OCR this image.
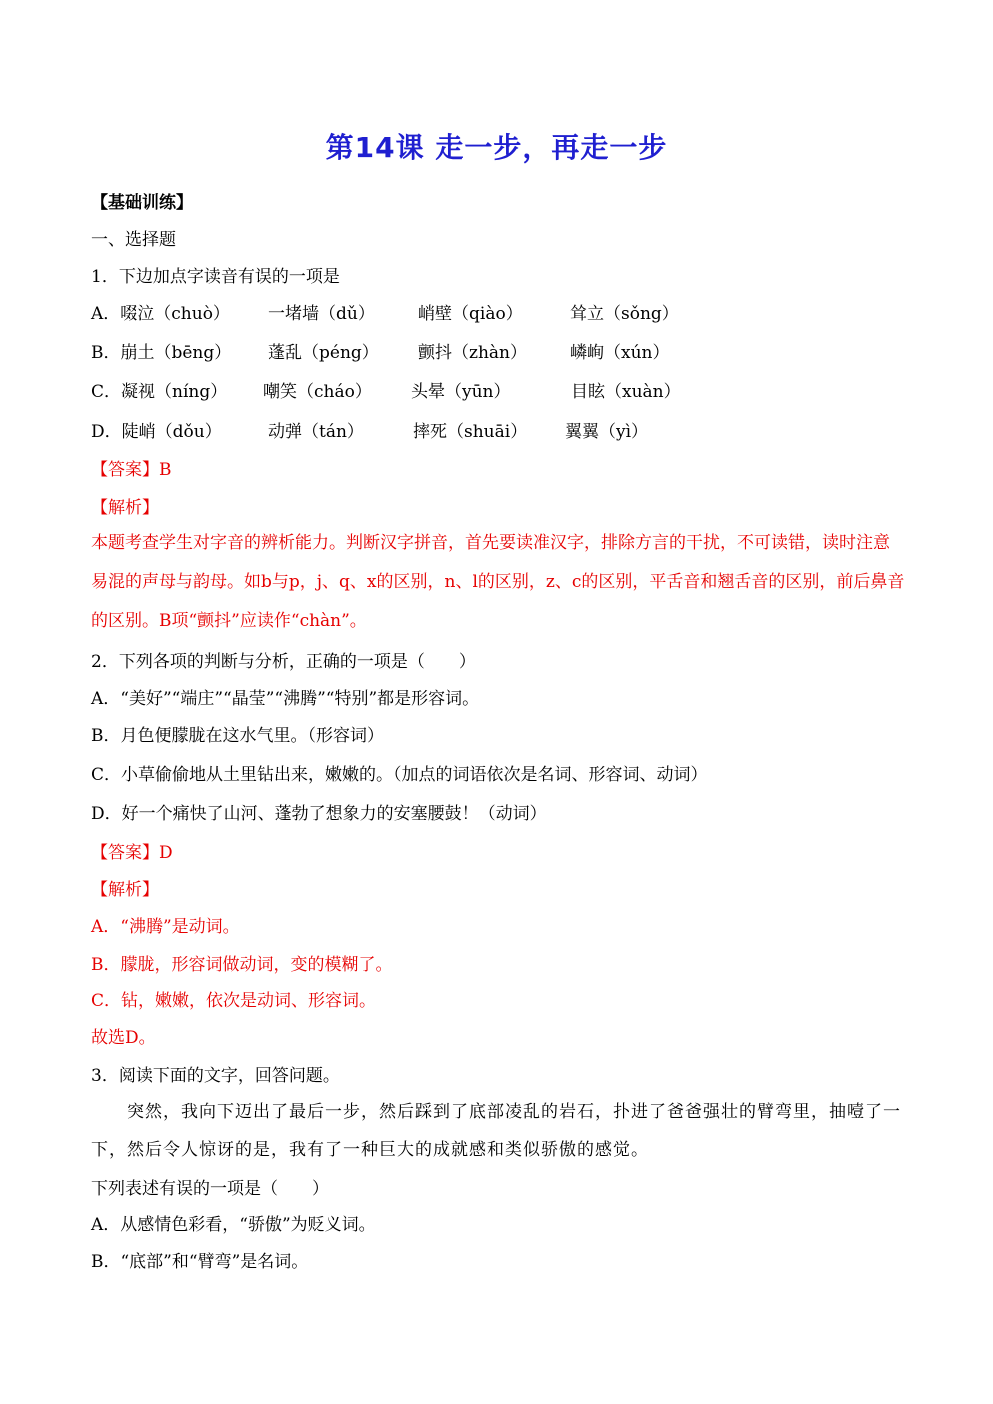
第14课 走一步，再走一步
【基础训练】
一、选择题
1．下边加点字读音有误的一项是
A．啜泣（chuò）	一堵墙（dǔ）	峭壁（qiào）	耸立（sǒng）
B．崩土（bēng）	蓬乱（péng）	颤抖（zhàn）	嶙峋（xún）
C．凝视（níng）	嘲笑（cháo）	头晕（yūn）	目眩（xuàn）
D．陡峭（dǒu）	动弹（tán）	摔死（shuāi）	翼翼（yì）
【答案】B
【解析】
本题考查学生对字音的辨析能力。判断汉字拼音，首先要读准汉字，排除方言的干扰，不可读错，读时注意易混的声母与韵母。如b与p，j、q、x的区别，n、l的区别，z、c的区别，平舌音和翘舌音的区别，前后鼻音的区别。B项“颤抖”应读作“chàn”。
2．下列各项的判断与分析，正确的一项是（　　）
A．“美好”“端庄”“晶莹”“沸腾”“特别”都是形容词。
B．月色便朦胧在这水气里。（形容词）
C．小草偷偷地从土里钻出来，嫩嫩的。（加点的词语依次是名词、形容词、动词）
D．好一个痛快了山河、蓬勃了想象力的安塞腰鼓！（动词）
【答案】D
【解析】
A．“沸腾”是动词。
B．朦胧，形容词做动词，变的模糊了。
C．钻，嫩嫩，依次是动词、形容词。
故选D。
3．阅读下面的文字，回答问题。
突然，我向下迈出了最后一步，然后踩到了底部凌乱的岩石，扑进了爸爸强壮的臂弯里，抽噎了一下，然后令人惊讶的是，我有了一种巨大的成就感和类似骄傲的感觉。
下列表述有误的一项是（　　）
A．从感情色彩看，“骄傲”为贬义词。
B．“底部”和“臂弯”是名词。
